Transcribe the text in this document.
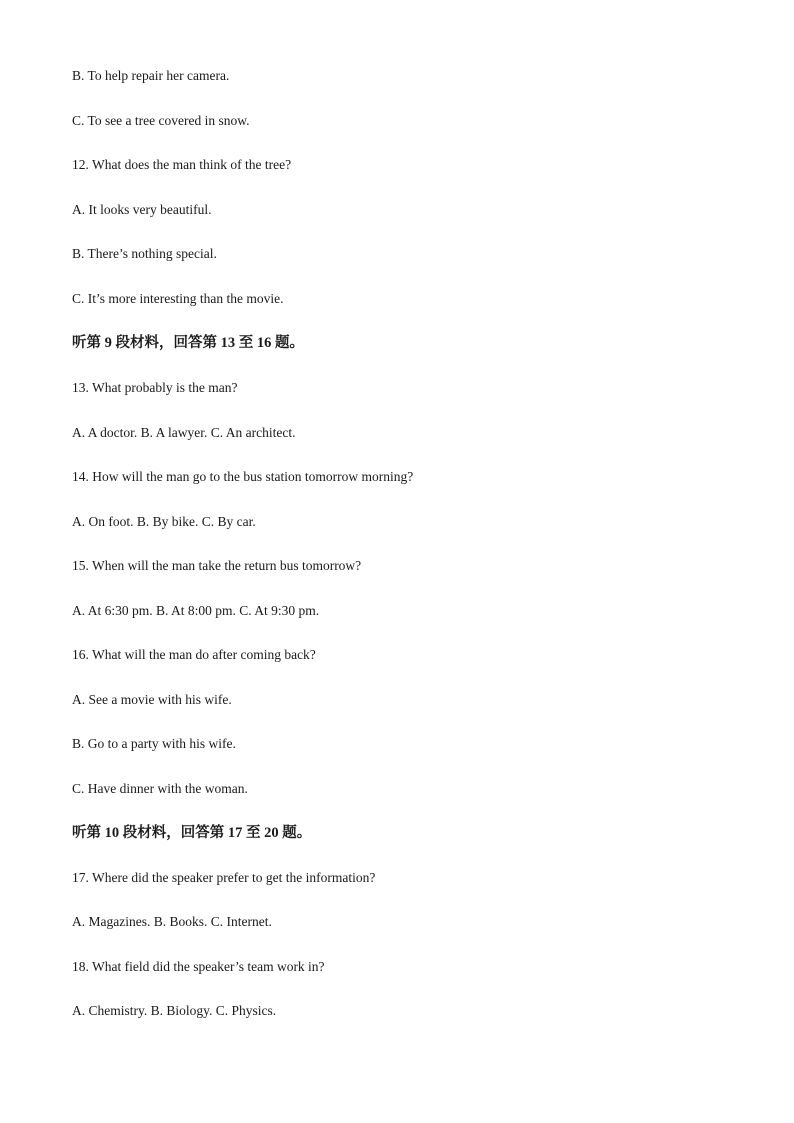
B. To help repair her camera.
C. To see a tree covered in snow.
12. What does the man think of the tree?
A. It looks very beautiful.
B. There’s nothing special.
C. It’s more interesting than the movie.
听第 9 段材料，回答第 13 至 16 题。
13. What probably is the man?
A. A doctor. B. A lawyer. C. An architect.
14. How will the man go to the bus station tomorrow morning?
A. On foot. B. By bike. C. By car.
15. When will the man take the return bus tomorrow?
A. At 6:30 pm. B. At 8:00 pm. C. At 9:30 pm.
16. What will the man do after coming back?
A. See a movie with his wife.
B. Go to a party with his wife.
C. Have dinner with the woman.
听第 10 段材料，回答第 17 至 20 题。
17. Where did the speaker prefer to get the information?
A. Magazines. B. Books. C. Internet.
18. What field did the speaker’s team work in?
A. Chemistry. B. Biology. C. Physics.
